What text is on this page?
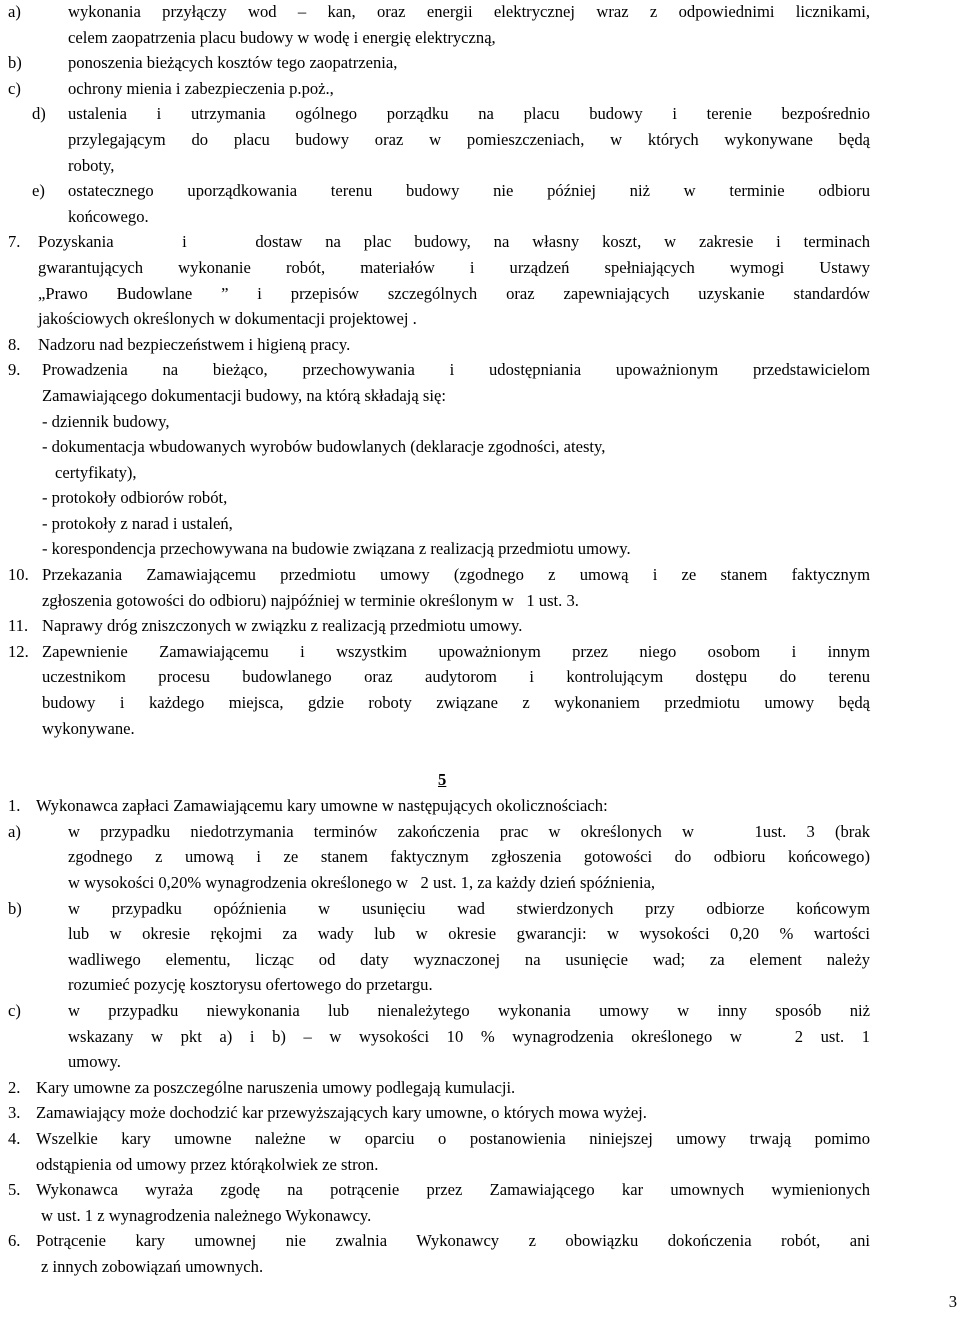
a)	wykonania przyłączy wod – kan, oraz energii elektrycznej wraz z odpowiednimi licznikami,
celem zaopatrzenia placu budowy w wodę i energię elektryczną,
b)	ponoszenia bieżących kosztów tego zaopatrzenia,
c)	ochrony mienia i zabezpieczenia p.poż.,
d)	ustalenia i utrzymania ogólnego porządku na placu budowy i terenie bezpośrednio
przylegającym do placu budowy oraz w pomieszczeniach, w których wykonywane będą
roboty,
e)	ostatecznego uporządkowania terenu budowy nie później niż w terminie odbioru
końcowego.
7.	Pozyskania   i   dostaw na plac budowy, na własny koszt, w zakresie i terminach
gwarantujących wykonanie robót, materiałów i urządzeń spełniających wymogi Ustawy
„Prawo Budowlane ” i przepisów szczególnych oraz zapewniających uzyskanie standardów
jakościowych określonych w dokumentacji projektowej .
8.	Nadzoru nad bezpieczeństwem i higieną pracy.
9.	Prowadzenia na bieżąco, przechowywania i udostępniania upoważnionym przedstawicielom
Zamawiającego dokumentacji budowy, na którą składają się:
- dziennik budowy,
- dokumentacja wbudowanych wyrobów budowlanych (deklaracje zgodności, atesty,
certyfikaty),
- protokoły odbiorów robót,
- protokoły z narad i ustaleń,
- korespondencja przechowywana na budowie związana z realizacją przedmiotu umowy.
10. Przekazania Zamawiającemu przedmiotu umowy (zgodnego z umową i ze stanem faktycznym
zgłoszenia gotowości do odbioru) najpóźniej w terminie określonym w   1 ust. 3.
11. Naprawy dróg zniszczonych w związku z realizacją przedmiotu umowy.
12. Zapewnienie Zamawiającemu i wszystkim upoważnionym przez niego osobom i innym
uczestnikom procesu budowlanego oraz audytorom i kontrolującym dostępu do terenu
budowy i każdego miejsca, gdzie roboty związane z wykonaniem przedmiotu umowy będą
wykonywane.
5
1. Wykonawca zapłaci Zamawiającemu kary umowne w następujących okolicznościach:
a)	w przypadku niedotrzymania terminów zakończenia prac w określonych w   1ust. 3 (brak
zgodnego z umową i ze stanem faktycznym zgłoszenia gotowości do odbioru końcowego)
w wysokości 0,20% wynagrodzenia określonego w   2 ust. 1, za każdy dzień spóźnienia,
b)	w przypadku opóźnienia w usunięciu wad stwierdzonych przy odbiorze końcowym
lub w okresie rękojmi za wady lub w okresie gwarancji: w wysokości 0,20 % wartości
wadliwego elementu, licząc od daty wyznaczonej na usunięcie wad; za element należy
rozumieć pozycję kosztorysu ofertowego do przetargu.
c)	w przypadku niewykonania lub nienależytego wykonania umowy w inny sposób niż
wskazany w pkt a) i b) – w wysokości 10 % wynagrodzenia określonego w   2 ust. 1
umowy.
2. Kary umowne za poszczególne naruszenia umowy podlegają kumulacji.
3. Zamawiający może dochodzić kar przewyższających kary umowne, o których mowa wyżej.
4. Wszelkie kary umowne należne w oparciu o postanowienia niniejszej umowy trwają pomimo
odstąpienia od umowy przez którąkolwiek ze stron.
5. Wykonawca wyraża zgodę na potrącenie przez Zamawiającego kar umownych wymienionych
w ust. 1 z wynagrodzenia należnego Wykonawcy.
6. Potrącenie kary umownej nie zwalnia Wykonawcy z obowiązku dokończenia robót, ani
z innych zobowiązań umownych.
3
